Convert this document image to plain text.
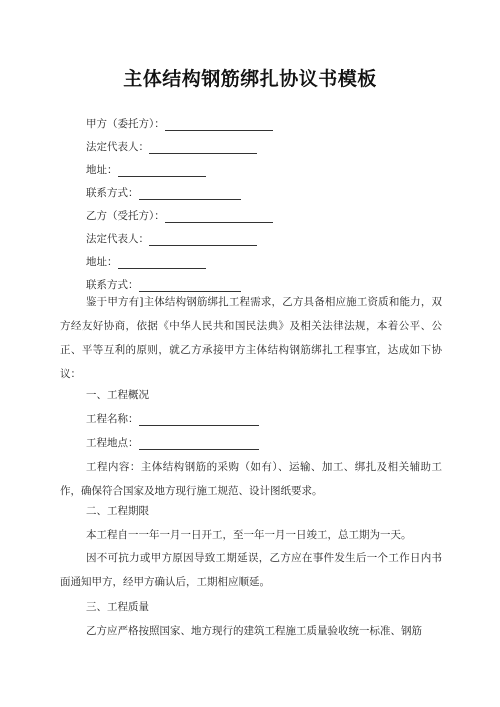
主体结构钢筋绑扎协议书模板
甲方（委托方）：
法定代表人：
地址：
联系方式：
乙方（受托方）：
法定代表人：
地址：
联系方式：
鉴于甲方有]主体结构钢筋绑扎工程需求，乙方具备相应施工资质和能力，双方经友好协商，依据《中华人民共和国民法典》及相关法律法规，本着公平、公正、平等互利的原则，就乙方承接甲方主体结构钢筋绑扎工程事宜，达成如下协议：
一、工程概况
工程名称：
工程地点：
工程内容：主体结构钢筋的采购（如有）、运输、加工、绑扎及相关辅助工作，确保符合国家及地方现行施工规范、设计图纸要求。
二、工程期限
本工程自一一年一月一日开工，至一年一月一日竣工，总工期为一天。
因不可抗力或甲方原因导致工期延误，乙方应在事件发生后一个工作日内书面通知甲方，经甲方确认后，工期相应顺延。
三、工程质量
乙方应严格按照国家、地方现行的建筑工程施工质量验收统一标准、钢筋
